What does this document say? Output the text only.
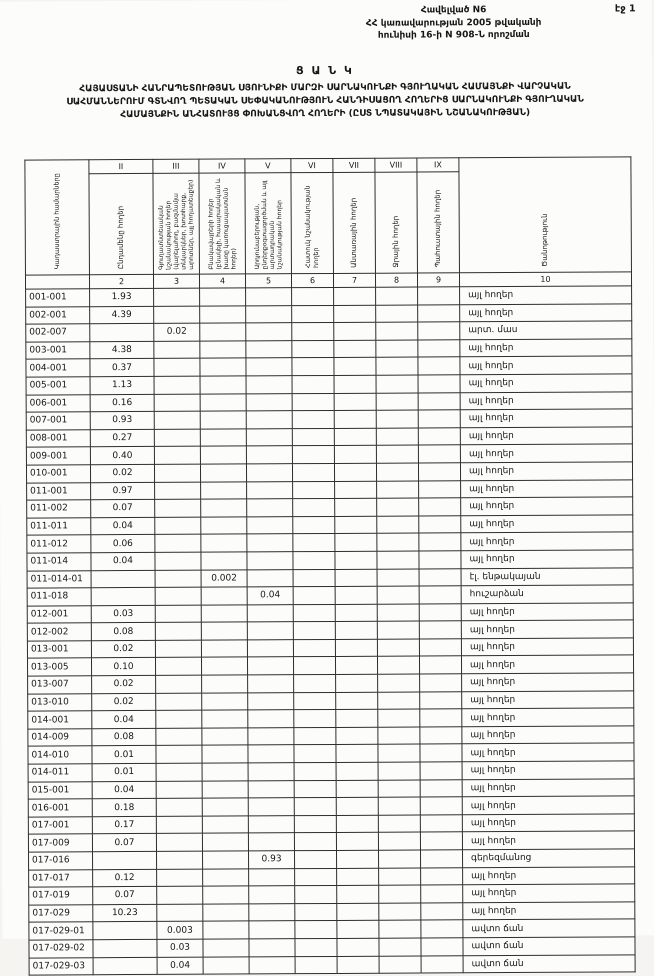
էջ 1
Հավելված N6
ՀՀ կառավարության 2005 թվականի
հունիսի 16-ի N 908-Ն որոշման
Ց Ա Ն Կ
ՀԱՅԱՍՏԱՆԻ ՀԱՆՐԱՊԵՏՈՒԹՅԱՆ ՍՅՈՒՆԻՔԻ ՄԱՐԶԻ ՍԱՐՆԱԿՈՒՆՔԻ ԳՅՈՒՂԱԿԱՆ ՀԱՄԱՅՆՔԻ ՎԱՐՉԱԿԱՆ ՍԱՀՄԱՆՆԵՐՈՒՄ ԳՏՆՎՈՂ ՊԵՏԱԿԱՆ ՍԵՓԱԿԱՆՈՒԹՅՈՒՆ ՀԱՆԴԻՍԱՑՈՂ ՀՈՂԵՐԻՑ ՍԱՐՆԱԿՈՒՆՔԻ ԳՅՈՒՂԱԿԱՆ ՀԱՄԱՅՆՔԻՆ ԱՆՀԱՏՈՒՅՑ ՓՈԽԱՆՑՎՈՂ ՀՈՂԵՐԻ (ԸՍՏ ՆՊԱՏԱԿԱՅԻՆ ՆՇԱՆԱԿՈՒԹՅԱՆ)
Կադաստրային համարները	II	III	IV	V	VI	VII	VIII	IX	Ծանոթություն
	Ընդամենը հողեր	Գյուղատնտեսական նշանակության հողեր (վարելահող, բազմամյա տնկարկներ, խոտհարք, արոտներ, այլ հողատեսքեր)	Բնակավայրերի հողեր (բնակելի, հասարակական և խառը կառուցապատման հողեր)	Արդյունաբերության, ընդերքօգտագործման և այլ արտադրական նշանակության հողեր	Հատուկ նշանակության հողեր	Անտառային հողեր	Ջրային հողեր	Պահուստային հողեր	
	2	3	4	5	6	7	8	9	10
001-001	1.93								այլ հողեր
002-001	4.39								այլ հողեր
002-007		0.02							արտ. մաս
003-001	4.38								այլ հողեր
004-001	0.37								այլ հողեր
005-001	1.13								այլ հողեր
006-001	0.16								այլ հողեր
007-001	0.93								այլ հողեր
008-001	0.27								այլ հողեր
009-001	0.40								այլ հողեր
010-001	0.02								այլ հողեր
011-001	0.97								այլ հողեր
011-002	0.07								այլ հողեր
011-011	0.04								այլ հողեր
011-012	0.06								այլ հողեր
011-014	0.04								այլ հողեր
011-014-01			0.002						էլ. ենթակայան
011-018				0.04					հուշարձան
012-001	0.03								այլ հողեր
012-002	0.08								այլ հողեր
013-001	0.02								այլ հողեր
013-005	0.10								այլ հողեր
013-007	0.02								այլ հողեր
013-010	0.02								այլ հողեր
014-001	0.04								այլ հողեր
014-009	0.08								այլ հողեր
014-010	0.01								այլ հողեր
014-011	0.01								այլ հողեր
015-001	0.04								այլ հողեր
016-001	0.18								այլ հողեր
017-001	0.17								այլ հողեր
017-009	0.07								այլ հողեր
017-016				0.93					գերեզմանոց
017-017	0.12								այլ հողեր
017-019	0.07								այլ հողեր
017-029	10.23								այլ հողեր
017-029-01		0.003							ավտո ճան
017-029-02		0.03							ավտո ճան
017-029-03		0.04							ավտո ճան
